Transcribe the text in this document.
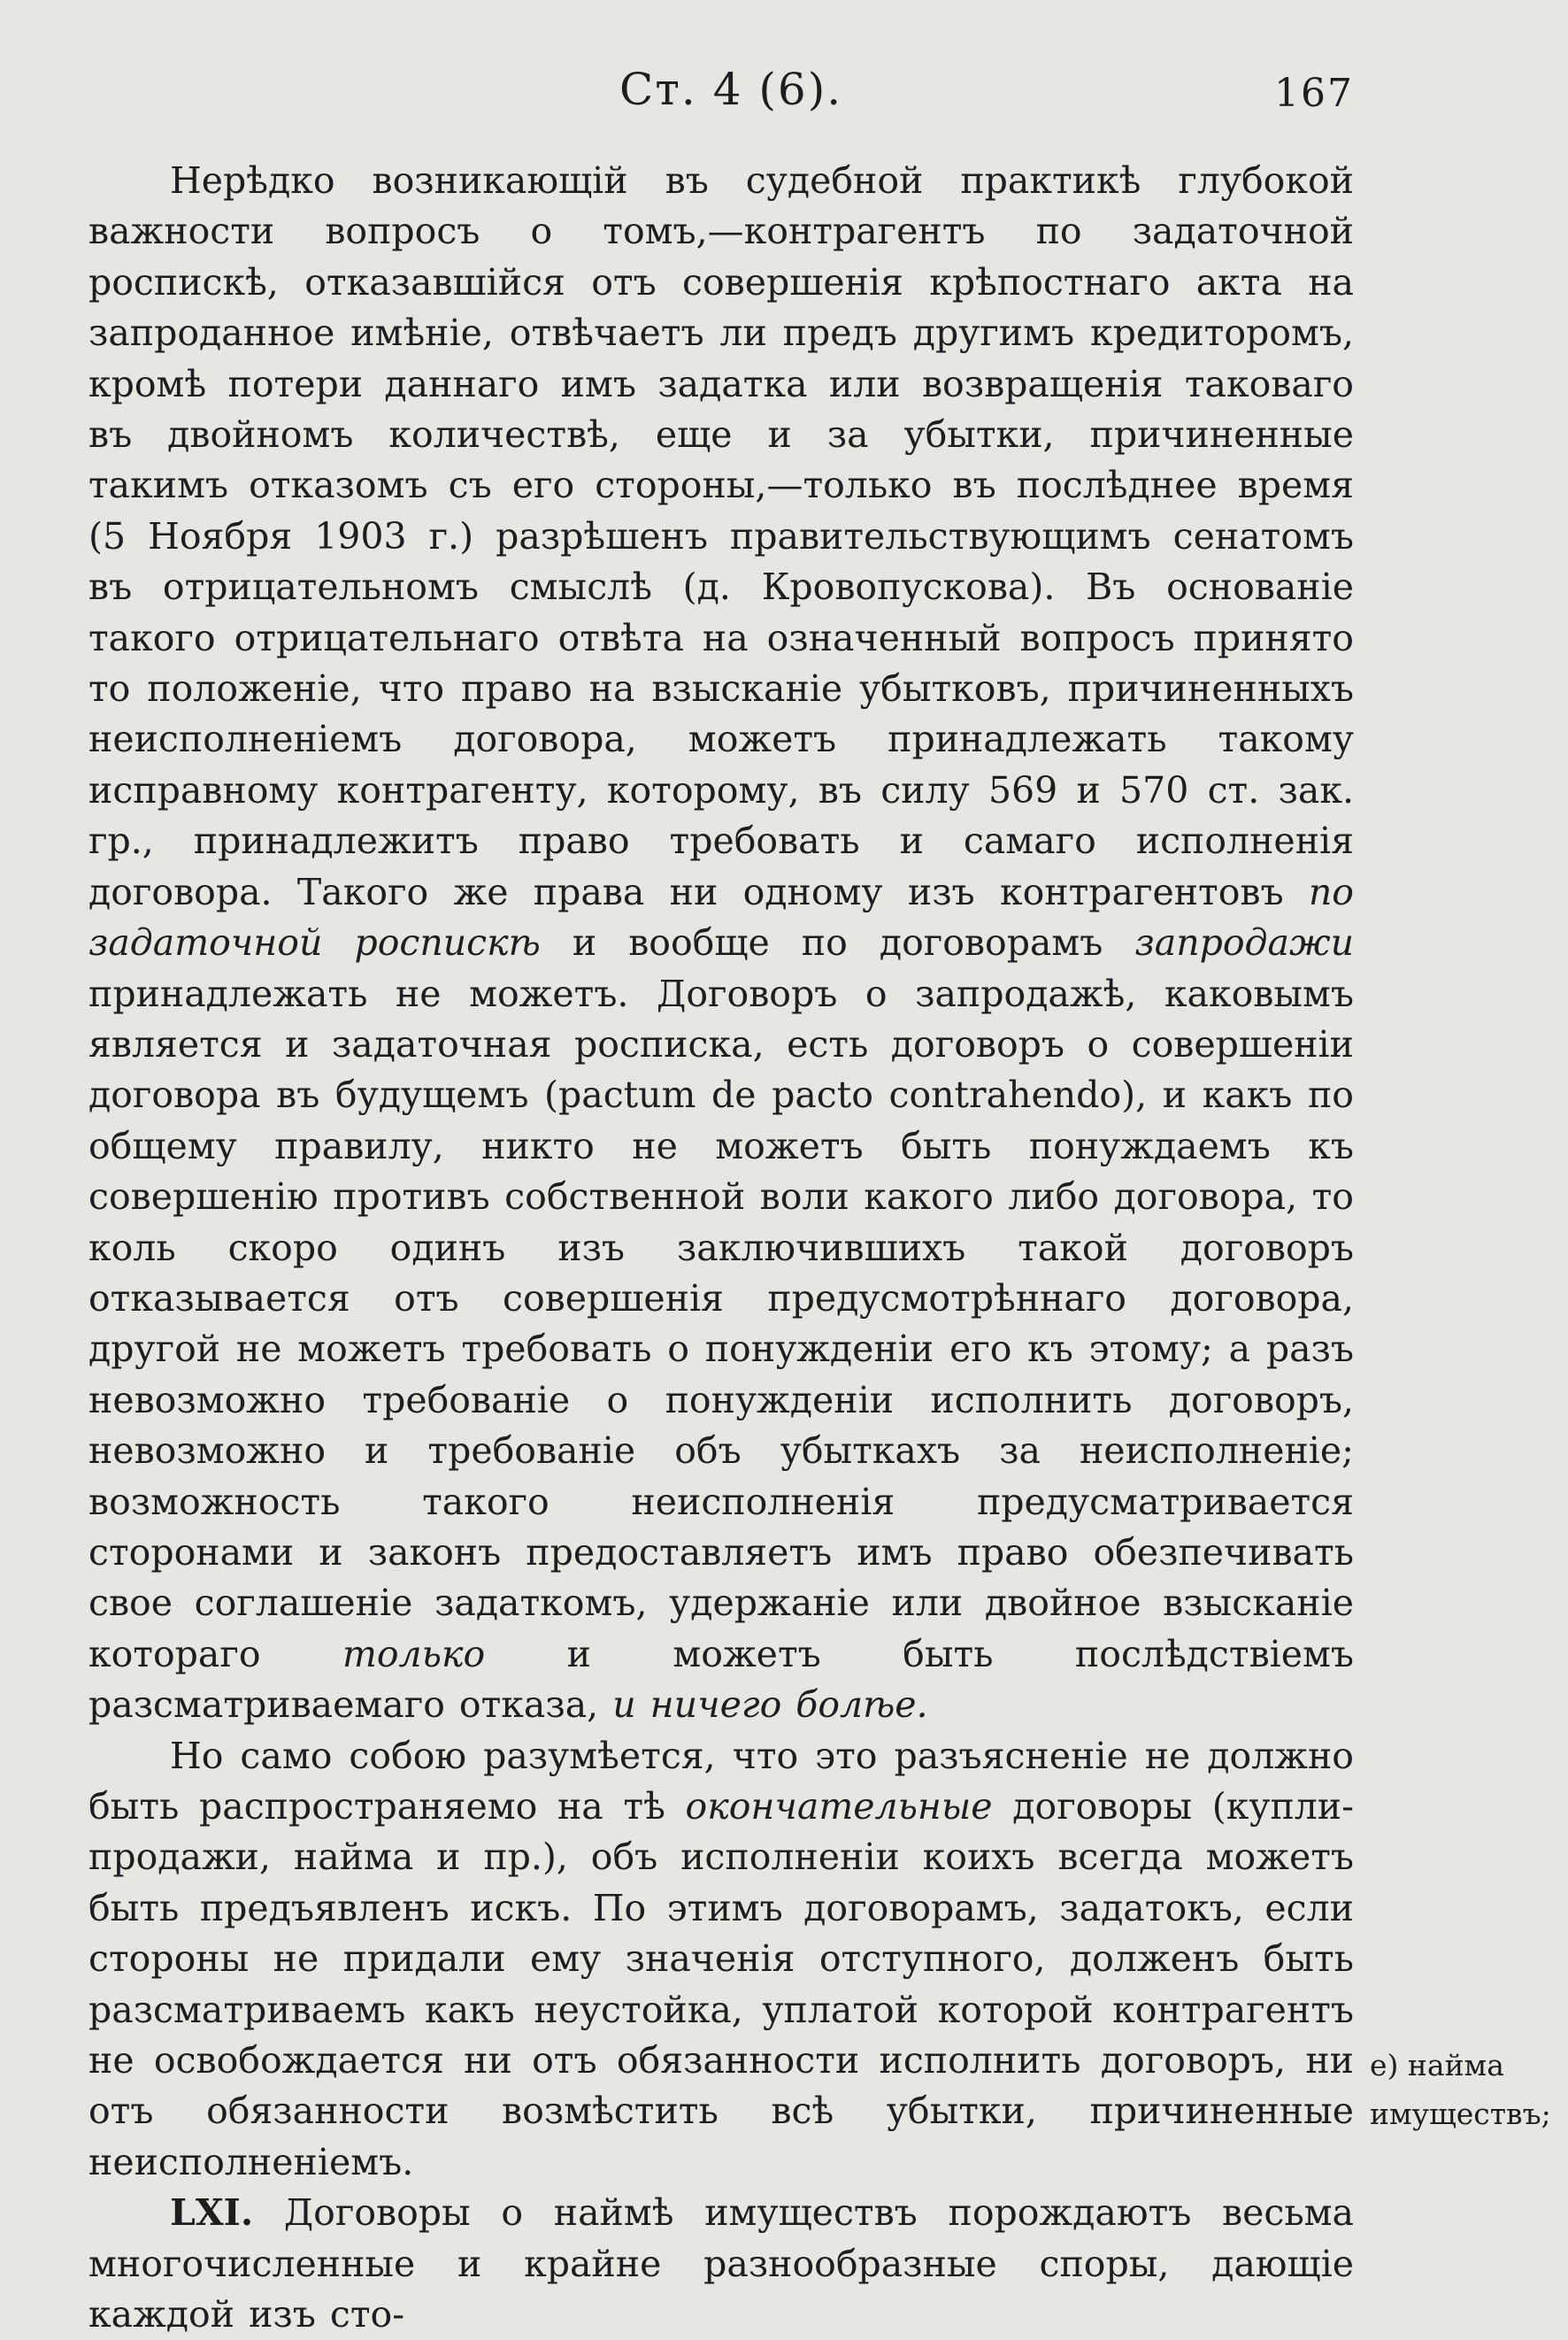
Ст. 4 (6).	167

Нерѣдко возникающій въ судебной практикѣ глубокой важности вопросъ о томъ,—контрагентъ по задаточной роспискѣ, отказавшійся отъ совершенія крѣпостнаго акта на запроданное имѣніе, отвѣчаетъ ли предъ другимъ кредиторомъ, кромѣ потери даннаго имъ задатка или возвращенія таковаго въ двойномъ количествѣ, еще и за убытки, причиненные такимъ отказомъ съ его стороны,—только въ послѣднее время (5 Ноября 1903 г.) разрѣшенъ правительствующимъ сенатомъ въ отрицательномъ смыслѣ (д. Кровопускова). Въ основаніе такого отрицательнаго отвѣта на означенный вопросъ принято то положеніе, что право на взысканіе убытковъ, причиненныхъ неисполненіемъ договора, можетъ принадлежать такому исправному контрагенту, которому, въ силу 569 и 570 ст. зак. гр., принадлежитъ право требовать и самаго исполненія договора. Такого же права ни одному изъ контрагентовъ по задаточной роспискѣ и вообще по договорамъ запродажи принадлежать не можетъ. Договоръ о запродажѣ, каковымъ является и задаточная росписка, есть договоръ о совершеніи договора въ будущемъ (pactum de pacto contrahendo), и какъ по общему правилу, никто не можетъ быть понуждаемъ къ совершенію противъ собственной воли какого либо договора, то коль скоро одинъ изъ заключившихъ такой договоръ отказывается отъ совершенія предусмотрѣннаго договора, другой не можетъ требовать о понужденіи его къ этому; а разъ невозможно требованіе о понужденіи исполнить договоръ, невозможно и требованіе объ убыткахъ за неисполненіе; возможность такого неисполненія предусматривается сторонами и законъ предоставляетъ имъ право обезпечивать свое соглашеніе задаткомъ, удержаніе или двойное взысканіе котораго только и можетъ быть послѣдствіемъ разсматриваемаго отказа, и ничего болѣе.

Но само собою разумѣется, что это разъясненіе не должно быть распространяемо на тѣ окончательные договоры (купли-продажи, найма и пр.), объ исполненіи коихъ всегда можетъ быть предъявленъ искъ. По этимъ договорамъ, задатокъ, если стороны не придали ему значенія отступного, долженъ быть разсматриваемъ какъ неустойка, уплатой которой контрагентъ не освобождается ни отъ обязанности исполнить договоръ, ни отъ обязанности возмѣстить всѣ убытки, причиненные неисполненіемъ.

LXI. Договоры о наймѣ имуществъ порождаютъ весьма многочисленные и крайне разнообразные споры, дающіе каждой изъ сто-

е) найма
имуществъ;
